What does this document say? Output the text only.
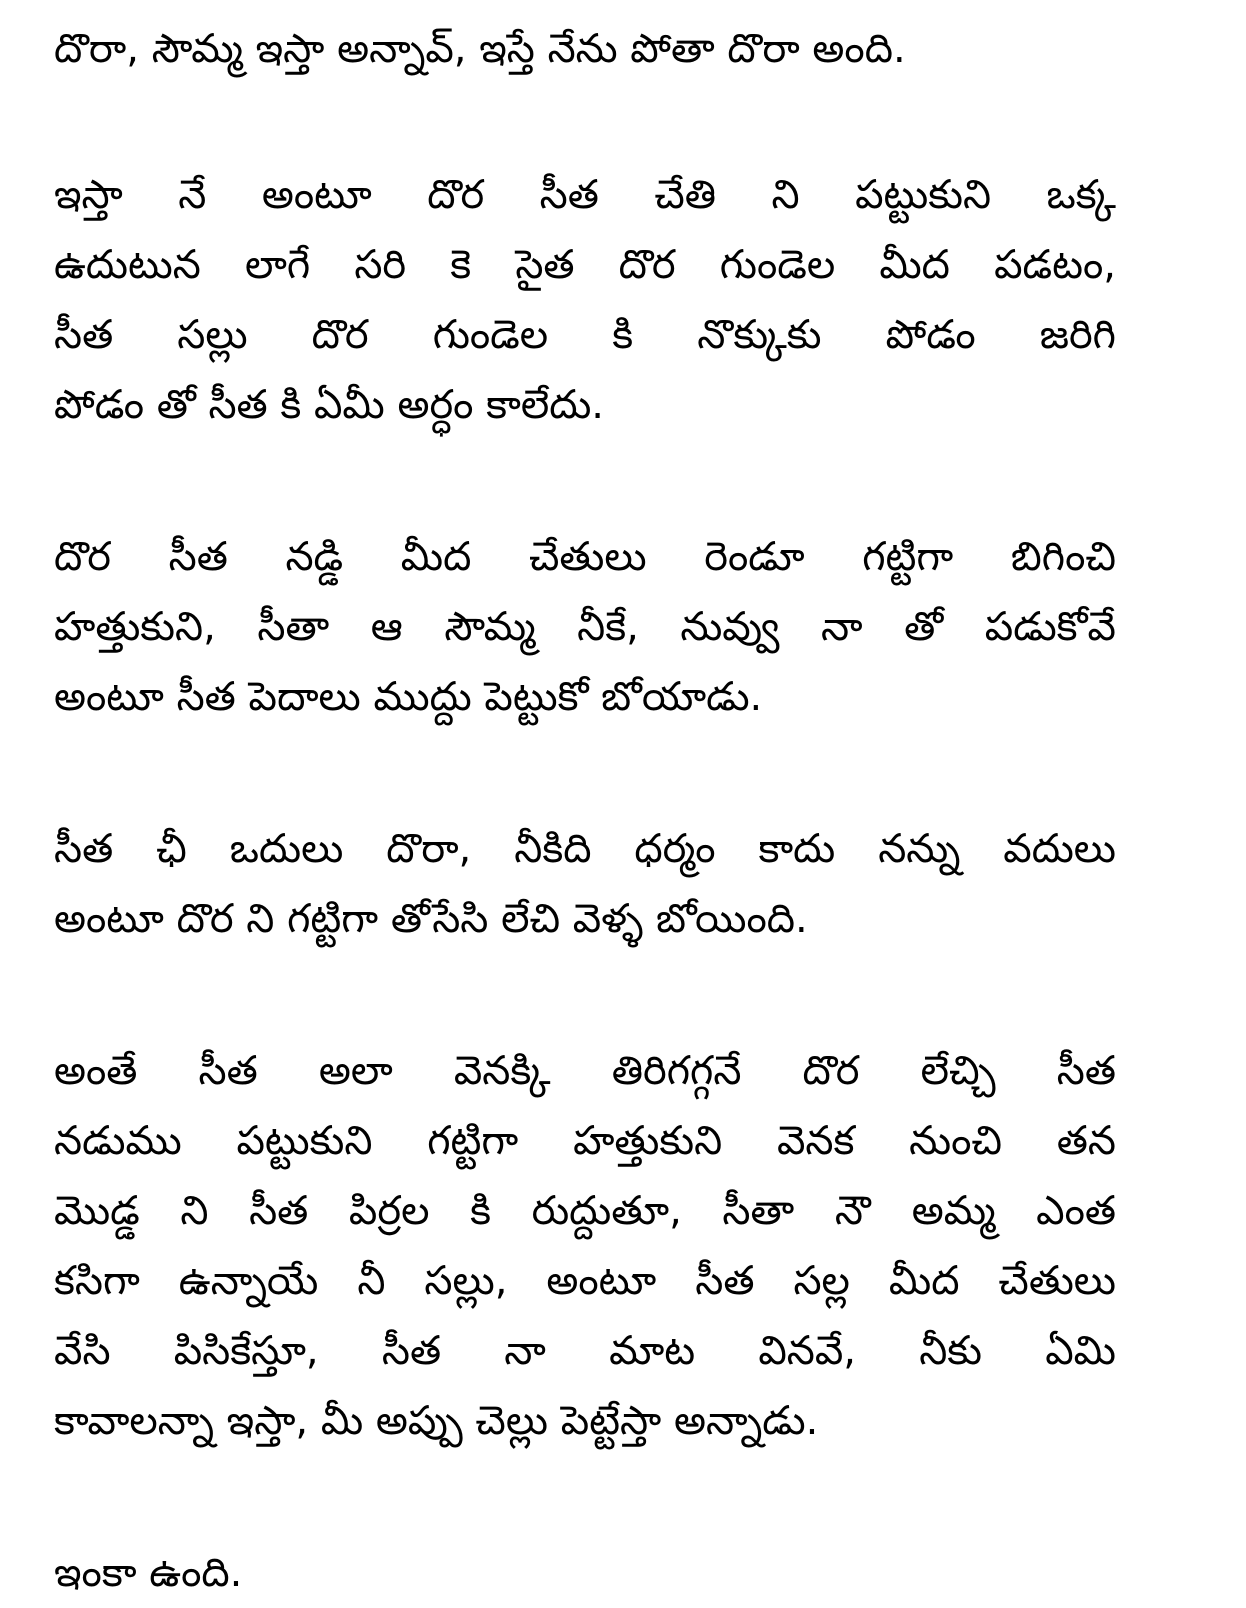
దొరా, సౌమ్మ ఇస్తా అన్నావ్, ఇస్తే నేను పోతా దొరా అంది.
ఇస్తా నే అంటూ దొర సీత చేతి ని పట్టుకుని ఒక్క
ఉదుటున లాగే సరి కె సైత దొర గుండెల మీద పడటం,
సీత సల్లు దొర గుండెల కి నొక్కుకు పోడం జరిగి
పోడం తో సీత కి ఏమీ అర్ధం కాలేదు.
దొర సీత నడ్డి మీద చేతులు రెండూ గట్టిగా బిగించి
హత్తుకుని, సీతా ఆ సౌమ్మ నీకే, నువ్వు నా తో పడుకోవే
అంటూ సీత పెదాలు ముద్దు పెట్టుకో బోయాడు.
సీత ఛీ ఒదులు దొరా, నీకిది ధర్మం కాదు నన్ను వదులు
అంటూ దొర ని గట్టిగా తోసేసి లేచి వెళ్ళ బోయింది.
అంతే సీత అలా వెనక్కి తిరిగగ్గనే దొర లేచ్చి సీత
నడుము పట్టుకుని గట్టిగా హత్తుకుని వెనక నుంచి తన
మొడ్డ ని సీత పిర్రల కి రుద్దుతూ, సీతా నౌ అమ్మ ఎంత
కసిగా ఉన్నాయే నీ సల్లు, అంటూ సీత సల్ల మీద చేతులు
వేసి పిసికేస్తూ, సీత నా మాట వినవే, నీకు ఏమి
కావాలన్నా ఇస్తా, మీ అప్పు చెల్లు పెట్టేస్తా అన్నాడు.
ఇంకా ఉంది.
